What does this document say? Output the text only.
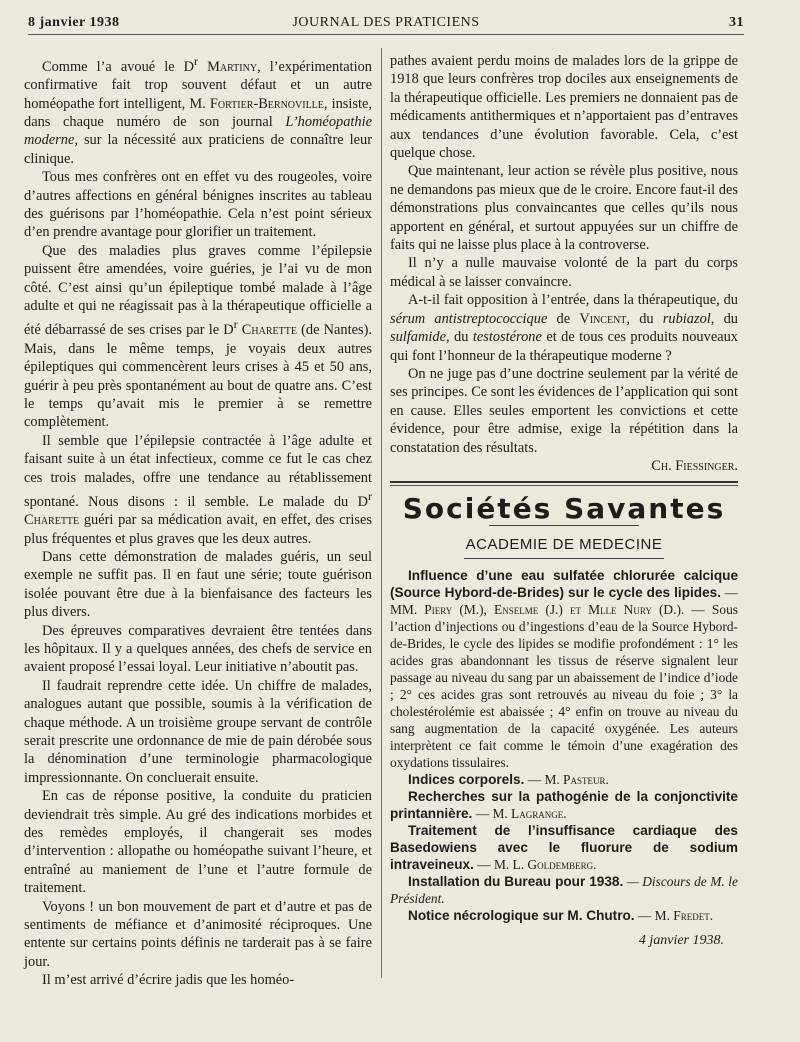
8 janvier 1938	JOURNAL DES PRATICIENS	31

Comme l’a avoué le $D^r$ Martiny, l’expérimentation confirmative fait trop souvent défaut et un autre homéopathe fort intelligent, M. Fortier-Bernoville, insiste, dans chaque numéro de son journal L’homéopathie moderne, sur la nécessité aux praticiens de connaître leur clinique.

Tous mes confrères ont en effet vu des rougeoles, voire d’autres affections en général bénignes inscrites au tableau des guérisons par l’homéopathie. Cela n’est point sérieux d’en prendre avantage pour glorifier un traitement.

Que des maladies plus graves comme l’épilepsie puissent être amendées, voire guéries, je l’ai vu de mon côté. C’est ainsi qu’un épileptique tombé malade à l’âge adulte et qui ne réagissait pas à la thérapeutique officielle a été débarrassé de ses crises par le $D^r$ Charette (de Nantes). Mais, dans le même temps, je voyais deux autres épileptiques qui commencèrent leurs crises à 45 et 50 ans, guérir à peu près spontanément au bout de quatre ans. C’est le temps qu’avait mis le premier à se remettre complètement.

Il semble que l’épilepsie contractée à l’âge adulte et faisant suite à un état infectieux, comme ce fut le cas chez ces trois malades, offre une tendance au rétablissement spontané. Nous disons : il semble. Le malade du $D^r$ Charette guéri par sa médication avait, en effet, des crises plus fréquentes et plus graves que les deux autres.

Dans cette démonstration de malades guéris, un seul exemple ne suffit pas. Il en faut une série; toute guérison isolée pouvant être due à la bienfaisance des facteurs les plus divers.

Des épreuves comparatives devraient être tentées dans les hôpitaux. Il y a quelques années, des chefs de service en avaient proposé l’essai loyal. Leur initiative n’aboutit pas.

Il faudrait reprendre cette idée. Un chiffre de malades, analogues autant que possible, soumis à la vérification de chaque méthode. A un troisième groupe servant de contrôle serait prescrite une ordonnance de mie de pain dérobée sous la dénomination d’une terminologie pharmacologique impressionnante. On concluerait ensuite.

En cas de réponse positive, la conduite du praticien deviendrait très simple. Au gré des indications morbides et des remèdes employés, il changerait ses modes d’intervention : allopathe ou homéopathe suivant l’heure, et entraîné au maniement de l’une et l’autre formule de traitement.

Voyons ! un bon mouvement de part et d’autre et pas de sentiments de méfiance et d’animosité réciproques. Une entente sur certains points définis ne tarderait pas à se faire jour.

Il m’est arrivé d’écrire jadis que les homéo-

pathes avaient perdu moins de malades lors de la grippe de 1918 que leurs confrères trop dociles aux enseignements de la thérapeutique officielle. Les premiers ne donnaient pas de médicaments antithermiques et n’apportaient pas d’entraves aux tendances d’une évolution favorable. Cela, c’est quelque chose.

Que maintenant, leur action se révèle plus positive, nous ne demandons pas mieux que de le croire. Encore faut-il des démonstrations plus convaincantes que celles qu’ils nous apportent en général, et surtout appuyées sur un chiffre de faits qui ne laisse plus place à la controverse.

Il n’y a nulle mauvaise volonté de la part du corps médical à se laisser convaincre.

A-t-il fait opposition à l’entrée, dans la thérapeutique, du sérum antistreptococcique de Vincent, du rubiazol, du sulfamide, du testostérone et de tous ces produits nouveaux qui font l’honneur de la thérapeutique moderne ?

On ne juge pas d’une doctrine seulement par la vérité de ses principes. Ce sont les évidences de l’application qui sont en cause. Elles seules emportent les convictions et cette évidence, pour être admise, exige la répétition dans la constatation des résultats.

Ch. Fiessinger.

Sociétés Savantes
ACADEMIE DE MEDECINE

Influence d’une eau sulfatée chlorurée calcique (Source Hybord-de-Brides) sur le cycle des lipides. — MM. Piery (M.), Enselme (J.) et Mlle Nury (D.). — Sous l’action d’injections ou d’ingestions d’eau de la Source Hybord-de-Brides, le cycle des lipides se modifie profondément : 1° les acides gras abandonnant les tissus de réserve signalent leur passage au niveau du sang par un abaissement de l’indice d’iode ; 2° ces acides gras sont retrouvés au niveau du foie ; 3° la cholestérolémie est abaissée ; 4° enfin on trouve au niveau du sang augmentation de la capacité oxygénée. Les auteurs interprètent ce fait comme le témoin d’une exagération des oxydations tissulaires.

Indices corporels. — M. Pasteur.

Recherches sur la pathogénie de la conjonctivite printannière. — M. Lagrange.

Traitement de l’insuffisance cardiaque des Basedowiens avec le fluorure de sodium intraveineux. — M. L. Goldemberg.

Installation du Bureau pour 1938. — Discours de M. le Président.

Notice nécrologique sur M. Chutro. — M. Fredet.

4 janvier 1938.
